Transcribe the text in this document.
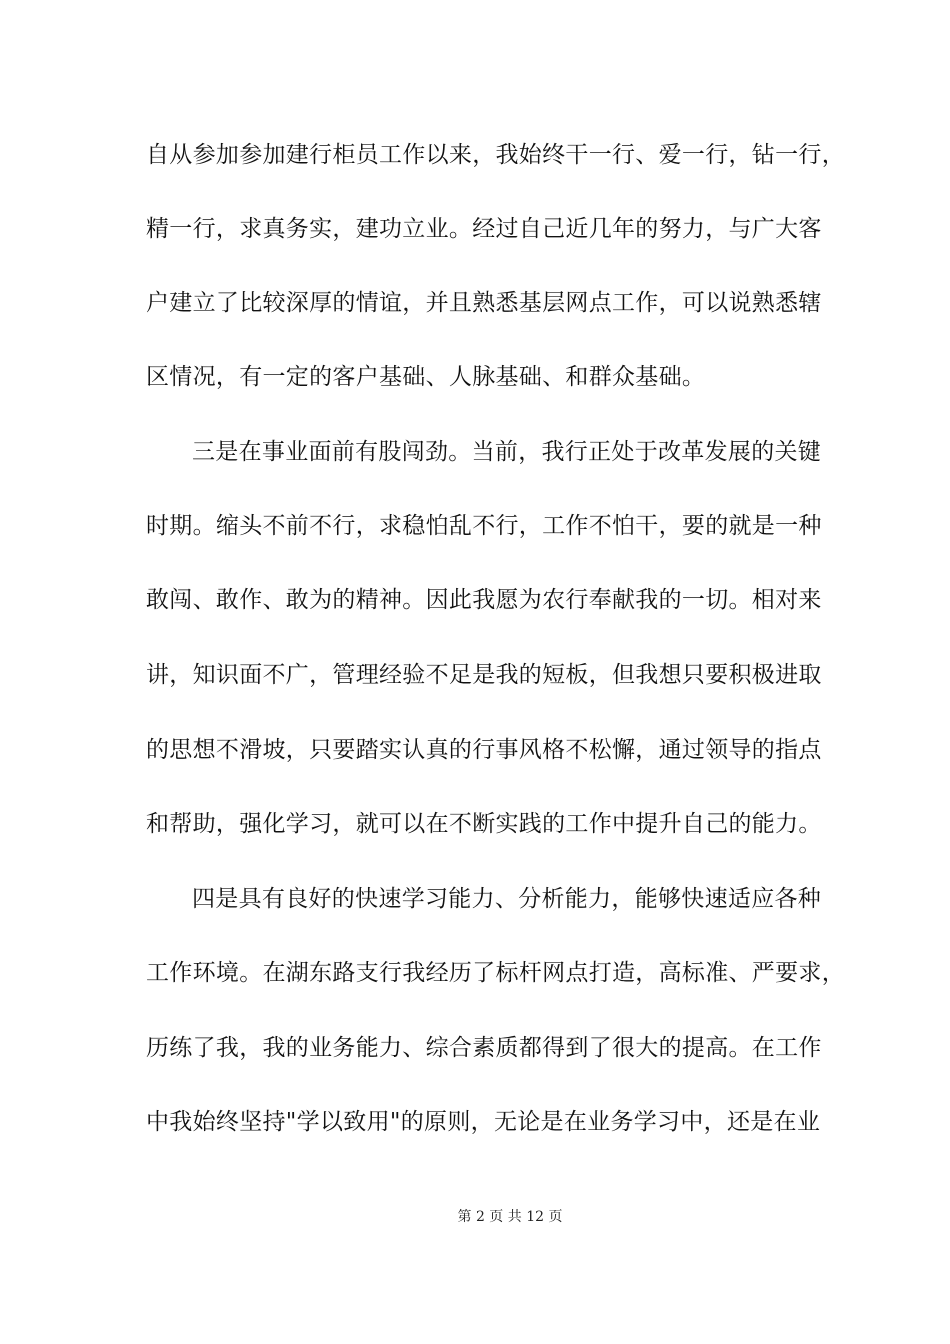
自从参加参加建行柜员工作以来，我始终干一行、爱一行，钻一行，
精一行，求真务实，建功立业。经过自己近几年的努力，与广大客
户建立了比较深厚的情谊，并且熟悉基层网点工作，可以说熟悉辖
区情况，有一定的客户基础、人脉基础、和群众基础。
三是在事业面前有股闯劲。当前，我行正处于改革发展的关键
时期。缩头不前不行，求稳怕乱不行，工作不怕干，要的就是一种
敢闯、敢作、敢为的精神。因此我愿为农行奉献我的一切。相对来
讲，知识面不广，管理经验不足是我的短板，但我想只要积极进取
的思想不滑坡，只要踏实认真的行事风格不松懈，通过领导的指点
和帮助，强化学习，就可以在不断实践的工作中提升自己的能力。
四是具有良好的快速学习能力、分析能力，能够快速适应各种
工作环境。在湖东路支行我经历了标杆网点打造，高标准、严要求，
历练了我，我的业务能力、综合素质都得到了很大的提高。在工作
中我始终坚持"学以致用"的原则，无论是在业务学习中，还是在业
第 2 页 共 12 页
